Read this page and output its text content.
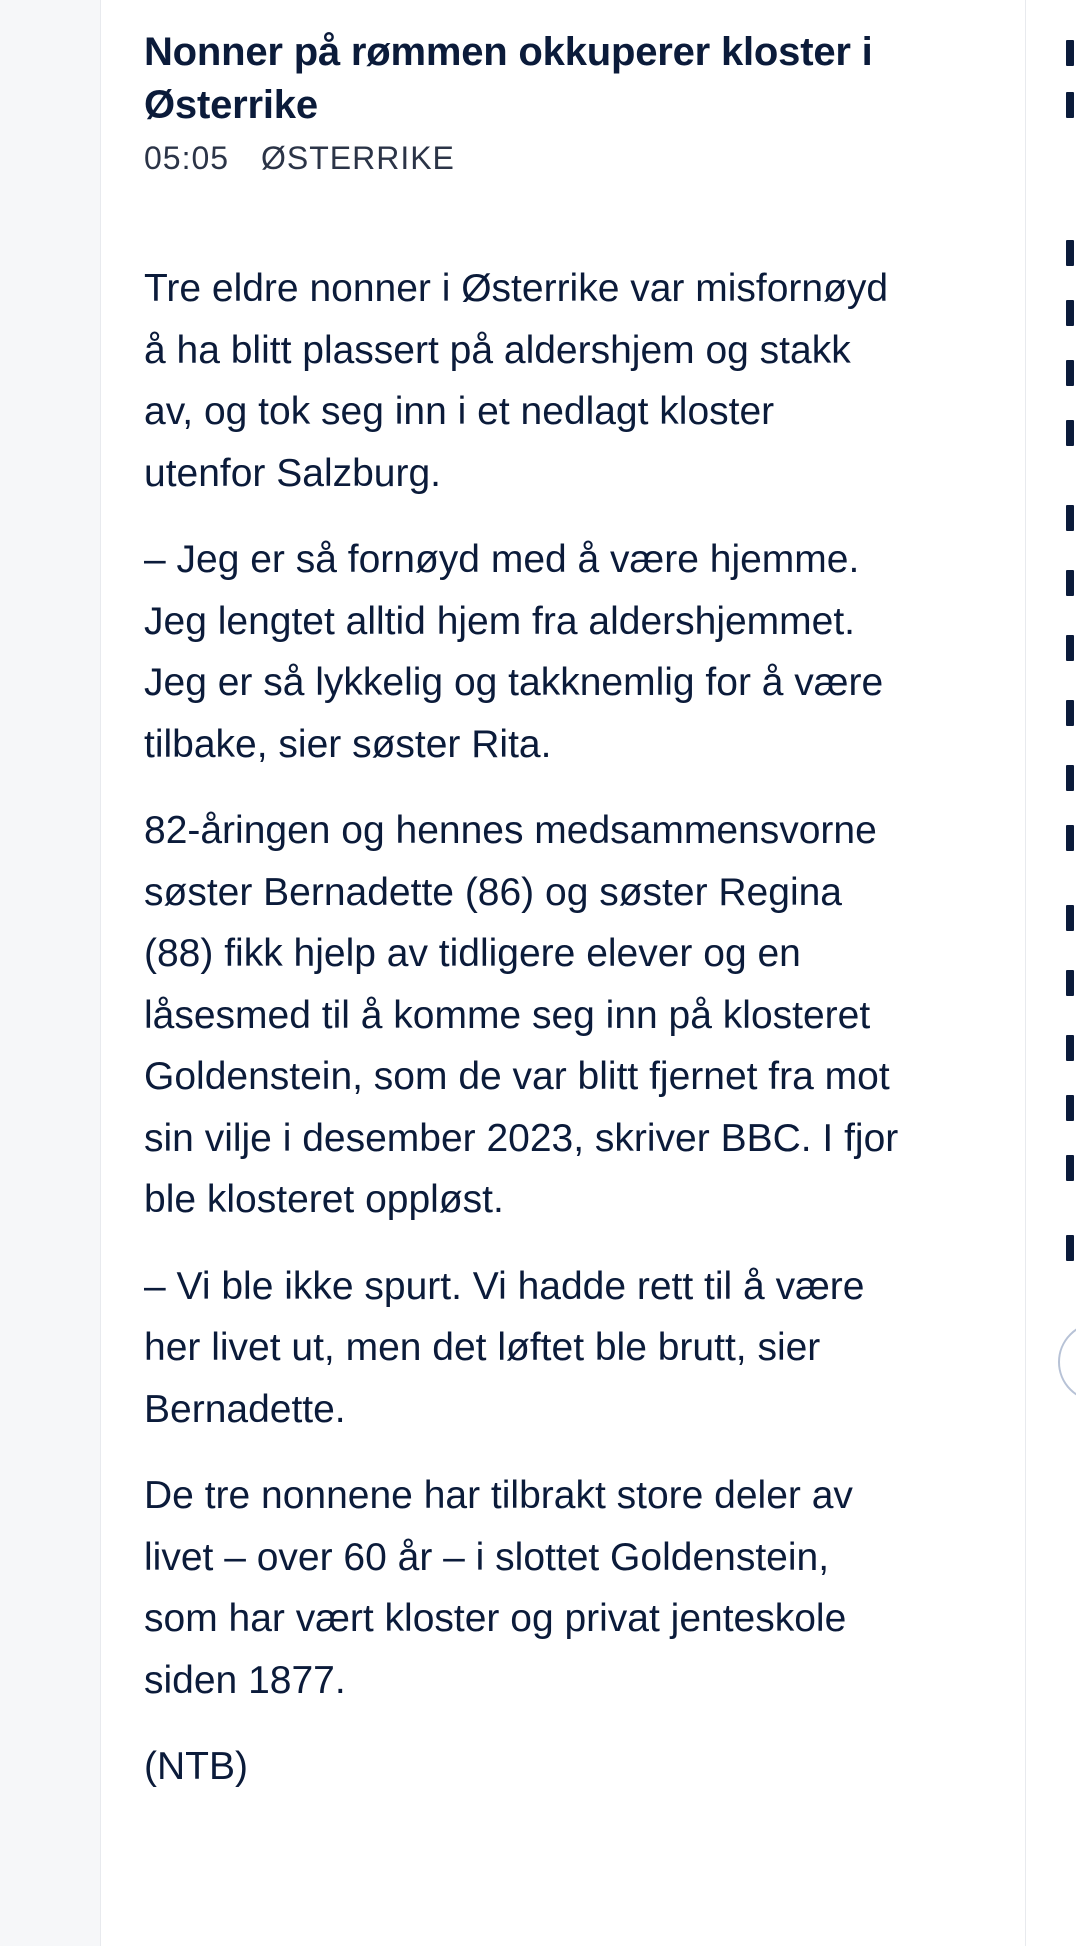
Nonner på rømmen okkuperer kloster i Østerrike
05:05 ØSTERRIKE

Tre eldre nonner i Østerrike var misfornøyd å ha blitt plassert på aldershjem og stakk av, og tok seg inn i et nedlagt kloster utenfor Salzburg.

– Jeg er så fornøyd med å være hjemme. Jeg lengtet alltid hjem fra aldershjemmet. Jeg er så lykkelig og takknemlig for å være tilbake, sier søster Rita.

82-åringen og hennes medsammensvorne søster Bernadette (86) og søster Regina (88) fikk hjelp av tidligere elever og en låsesmed til å komme seg inn på klosteret Goldenstein, som de var blitt fjernet fra mot sin vilje i desember 2023, skriver BBC. I fjor ble klosteret oppløst.

– Vi ble ikke spurt. Vi hadde rett til å være her livet ut, men det løftet ble brutt, sier Bernadette.

De tre nonnene har tilbrakt store deler av livet – over 60 år – i slottet Goldenstein, som har vært kloster og privat jenteskole siden 1877.

(NTB)
